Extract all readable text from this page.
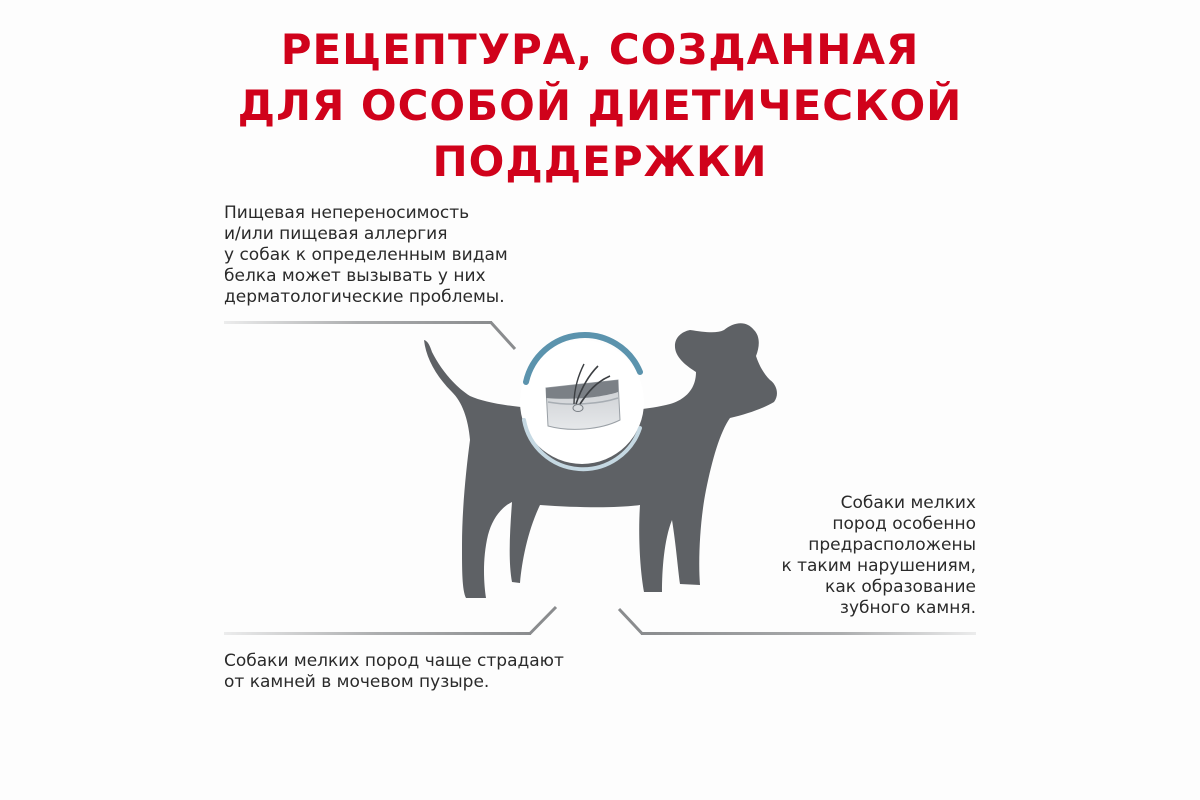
РЕЦЕПТУРА, СОЗДАННАЯ
ДЛЯ ОСОБОЙ ДИЕТИЧЕСКОЙ
ПОДДЕРЖКИ

Пищевая непереносимость
и/или пищевая аллергия
у собак к определенным видам
белка может вызывать у них
дерматологические проблемы.

Собаки мелких
пород особенно
предрасположены
к таким нарушениям,
как образование
зубного камня.

Собаки мелких пород чаще страдают
от камней в мочевом пузыре.
